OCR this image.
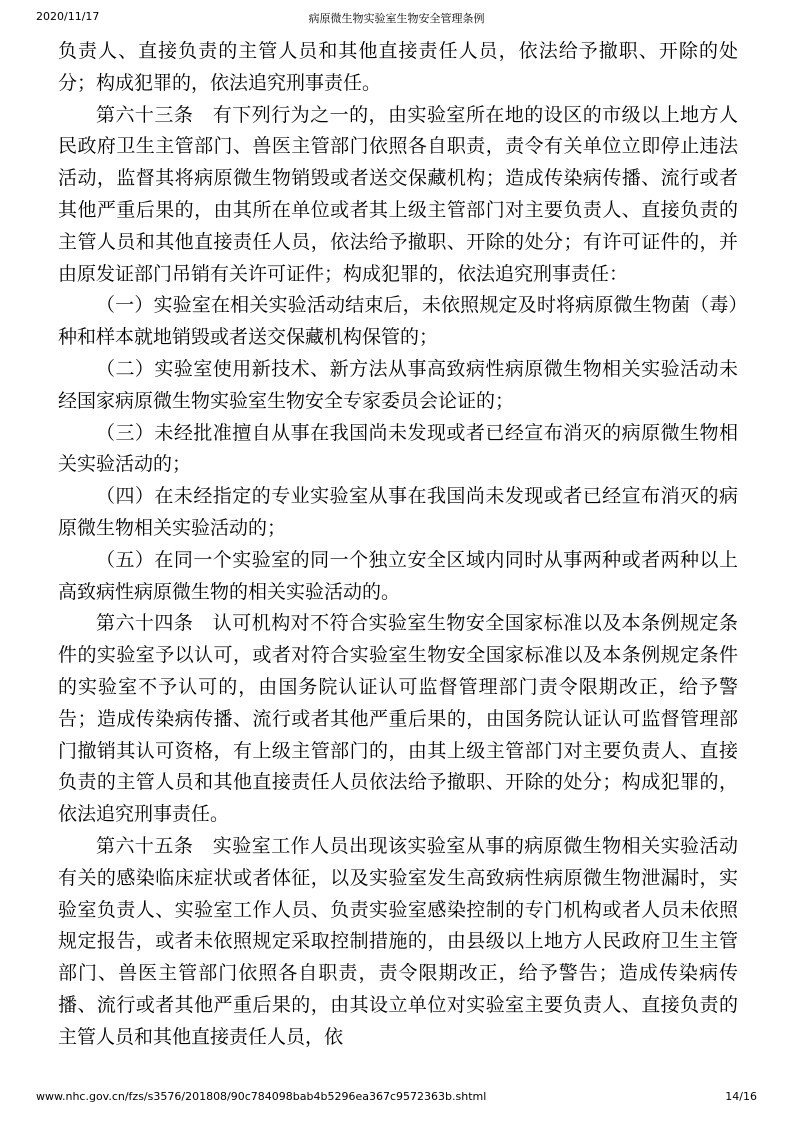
2020/11/17	病原微生物实验室生物安全管理条例

负责人、直接负责的主管人员和其他直接责任人员，依法给予撤职、开除的处分；构成犯罪的，依法追究刑事责任。

第六十三条　有下列行为之一的，由实验室所在地的设区的市级以上地方人民政府卫生主管部门、兽医主管部门依照各自职责，责令有关单位立即停止违法活动，监督其将病原微生物销毁或者送交保藏机构；造成传染病传播、流行或者其他严重后果的，由其所在单位或者其上级主管部门对主要负责人、直接负责的主管人员和其他直接责任人员，依法给予撤职、开除的处分；有许可证件的，并由原发证部门吊销有关许可证件；构成犯罪的，依法追究刑事责任：

（一）实验室在相关实验活动结束后，未依照规定及时将病原微生物菌（毒）种和样本就地销毁或者送交保藏机构保管的；

（二）实验室使用新技术、新方法从事高致病性病原微生物相关实验活动未经国家病原微生物实验室生物安全专家委员会论证的；

（三）未经批准擅自从事在我国尚未发现或者已经宣布消灭的病原微生物相关实验活动的；

（四）在未经指定的专业实验室从事在我国尚未发现或者已经宣布消灭的病原微生物相关实验活动的；

（五）在同一个实验室的同一个独立安全区域内同时从事两种或者两种以上高致病性病原微生物的相关实验活动的。

第六十四条　认可机构对不符合实验室生物安全国家标准以及本条例规定条件的实验室予以认可，或者对符合实验室生物安全国家标准以及本条例规定条件的实验室不予认可的，由国务院认证认可监督管理部门责令限期改正，给予警告；造成传染病传播、流行或者其他严重后果的，由国务院认证认可监督管理部门撤销其认可资格，有上级主管部门的，由其上级主管部门对主要负责人、直接负责的主管人员和其他直接责任人员依法给予撤职、开除的处分；构成犯罪的，依法追究刑事责任。

第六十五条　实验室工作人员出现该实验室从事的病原微生物相关实验活动有关的感染临床症状或者体征，以及实验室发生高致病性病原微生物泄漏时，实验室负责人、实验室工作人员、负责实验室感染控制的专门机构或者人员未依照规定报告，或者未依照规定采取控制措施的，由县级以上地方人民政府卫生主管部门、兽医主管部门依照各自职责，责令限期改正，给予警告；造成传染病传播、流行或者其他严重后果的，由其设立单位对实验室主要负责人、直接负责的主管人员和其他直接责任人员，依

www.nhc.gov.cn/fzs/s3576/201808/90c784098bab4b5296ea367c9572363b.shtml	14/16
